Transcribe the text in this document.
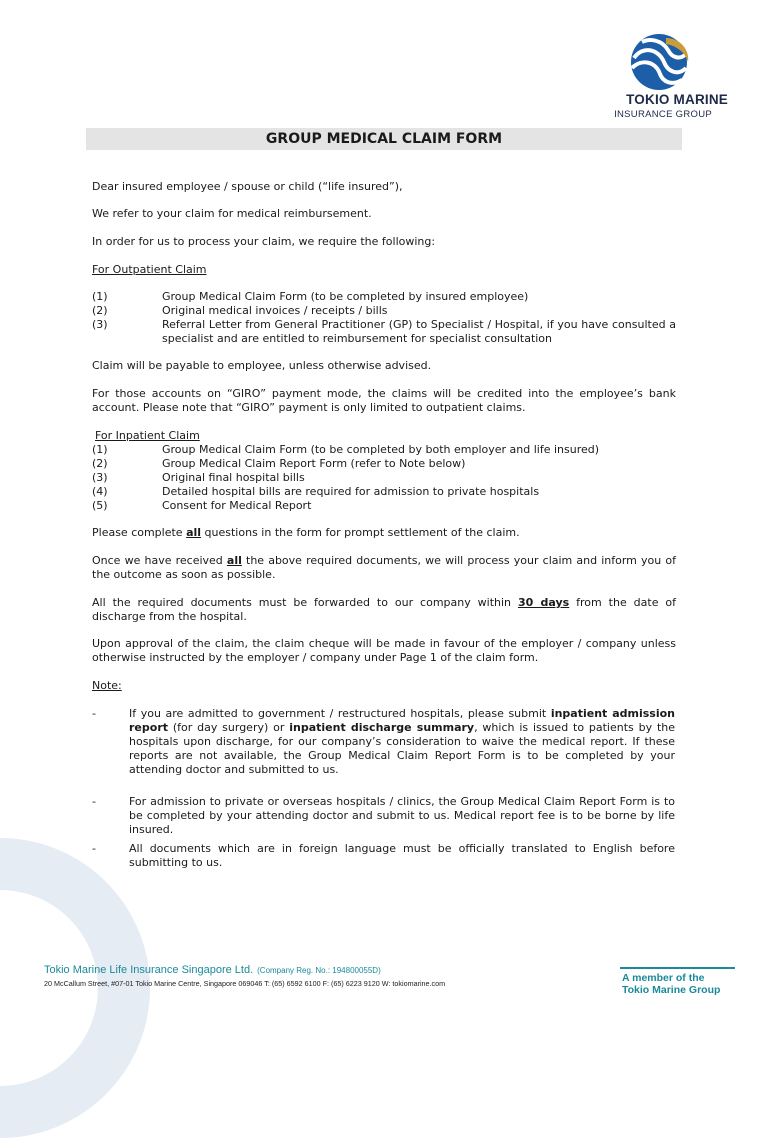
TOKIO MARINE
INSURANCE GROUP
GROUP MEDICAL CLAIM FORM
Dear insured employee / spouse or child (“life insured”),
We refer to your claim for medical reimbursement.
In order for us to process your claim, we require the following:
For Outpatient Claim
(1)	Group Medical Claim Form (to be completed by insured employee)
(2)	Original medical invoices / receipts / bills
(3)	Referral Letter from General Practitioner (GP) to Specialist / Hospital, if you have consulted a specialist and are entitled to reimbursement for specialist consultation
Claim will be payable to employee, unless otherwise advised.
For those accounts on “GIRO” payment mode, the claims will be credited into the employee’s bank account. Please note that “GIRO” payment is only limited to outpatient claims.
For Inpatient Claim
(1)	Group Medical Claim Form (to be completed by both employer and life insured)
(2)	Group Medical Claim Report Form (refer to Note below)
(3)	Original final hospital bills
(4)	Detailed hospital bills are required for admission to private hospitals
(5)	Consent for Medical Report
Please complete all questions in the form for prompt settlement of the claim.
Once we have received all the above required documents, we will process your claim and inform you of the outcome as soon as possible.
All the required documents must be forwarded to our company within 30 days from the date of discharge from the hospital.
Upon approval of the claim, the claim cheque will be made in favour of the employer / company unless otherwise instructed by the employer / company under Page 1 of the claim form.
Note:
-	If you are admitted to government / restructured hospitals, please submit inpatient admission report (for day surgery) or inpatient discharge summary, which is issued to patients by the hospitals upon discharge, for our company’s consideration to waive the medical report. If these reports are not available, the Group Medical Claim Report Form is to be completed by your attending doctor and submitted to us.
-	For admission to private or overseas hospitals / clinics, the Group Medical Claim Report Form is to be completed by your attending doctor and submit to us. Medical report fee is to be borne by life insured.
-	All documents which are in foreign language must be officially translated to English before submitting to us.
Tokio Marine Life Insurance Singapore Ltd. (Company Reg. No.: 194800055D)
20 McCallum Street, #07-01 Tokio Marine Centre, Singapore 069046 T: (65) 6592 6100 F: (65) 6223 9120 W: tokiomarine.com	A member of the
Tokio Marine Group
